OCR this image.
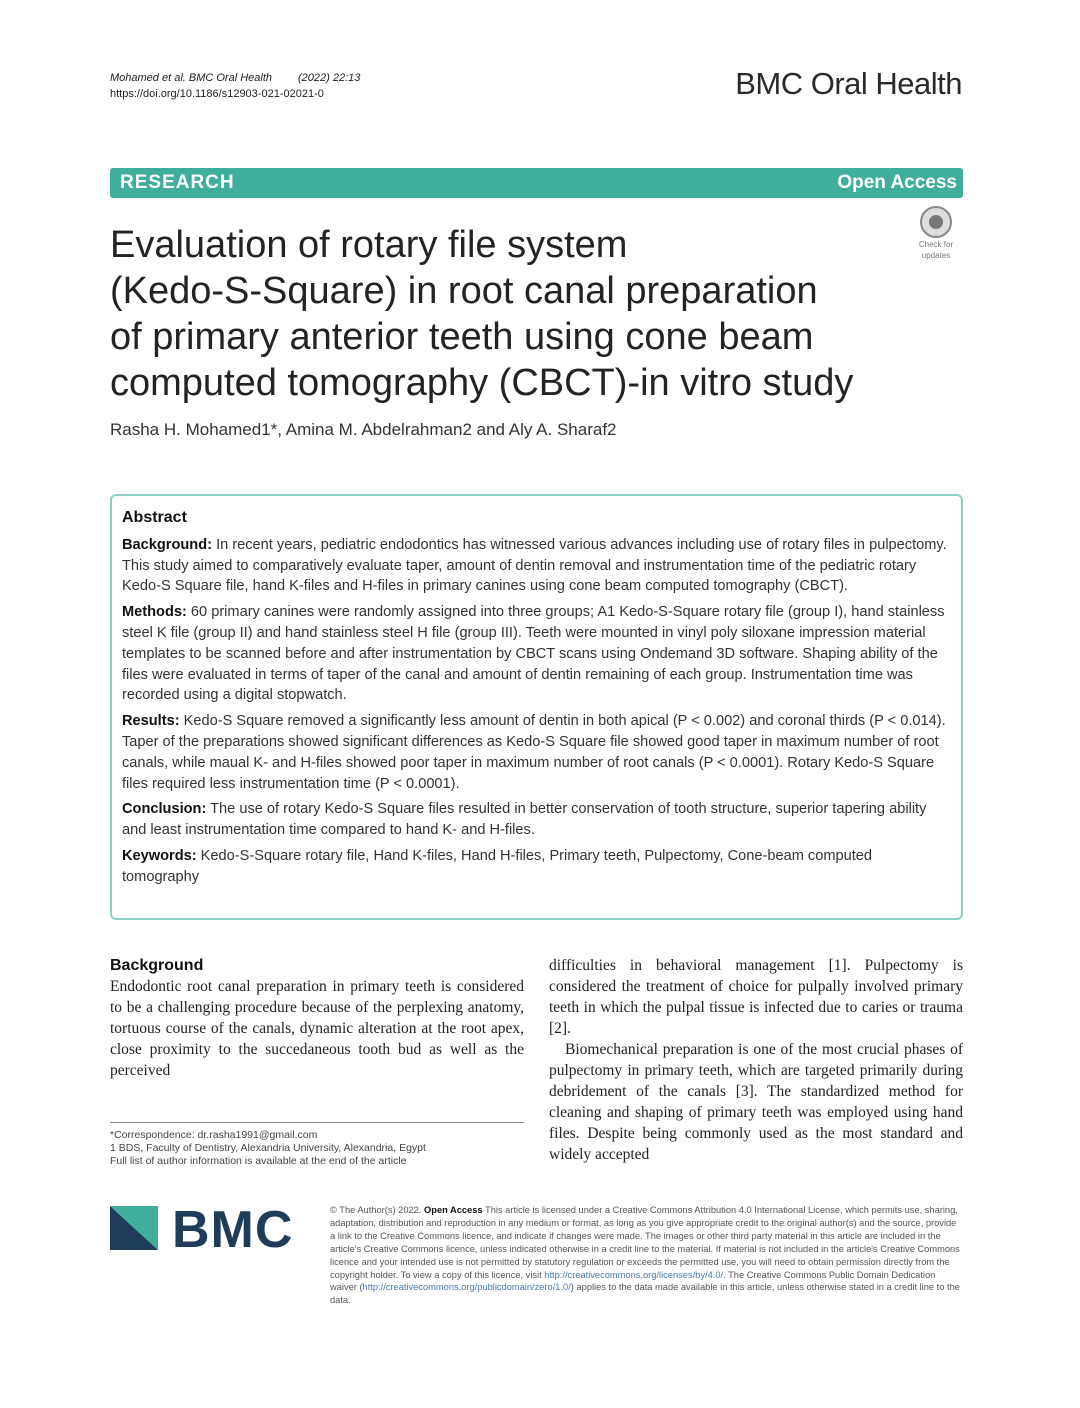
Mohamed et al. BMC Oral Health (2022) 22:13
https://doi.org/10.1186/s12903-021-02021-0	BMC Oral Health
RESEARCH	Open Access
Check for
updates
Evaluation of rotary file system
(Kedo-S-Square) in root canal preparation
of primary anterior teeth using cone beam
computed tomography (CBCT)-in vitro study
Rasha H. Mohamed1*, Amina M. Abdelrahman2 and Aly A. Sharaf2
Abstract

Background: In recent years, pediatric endodontics has witnessed various advances including use of rotary files in pulpectomy. This study aimed to comparatively evaluate taper, amount of dentin removal and instrumentation time of the pediatric rotary Kedo-S Square file, hand K-files and H-files in primary canines using cone beam computed tomography (CBCT).

Methods: 60 primary canines were randomly assigned into three groups; A1 Kedo-S-Square rotary file (group I), hand stainless steel K file (group II) and hand stainless steel H file (group III). Teeth were mounted in vinyl poly siloxane impression material templates to be scanned before and after instrumentation by CBCT scans using Ondemand 3D software. Shaping ability of the files were evaluated in terms of taper of the canal and amount of dentin remaining of each group. Instrumentation time was recorded using a digital stopwatch.

Results: Kedo-S Square removed a significantly less amount of dentin in both apical (P < 0.002) and coronal thirds (P < 0.014). Taper of the preparations showed significant differences as Kedo-S Square file showed good taper in maximum number of root canals, while maual K- and H-files showed poor taper in maximum number of root canals (P < 0.0001). Rotary Kedo-S Square files required less instrumentation time (P < 0.0001).

Conclusion: The use of rotary Kedo-S Square files resulted in better conservation of tooth structure, superior tapering ability and least instrumentation time compared to hand K- and H-files.

Keywords: Kedo-S-Square rotary file, Hand K-files, Hand H-files, Primary teeth, Pulpectomy, Cone-beam computed tomography

Background

Endodontic root canal preparation in primary teeth is considered to be a challenging procedure because of the perplexing anatomy, tortuous course of the canals, dynamic alteration at the root apex, close proximity to the succedaneous tooth bud as well as the perceived

difficulties in behavioral management [1]. Pulpectomy is considered the treatment of choice for pulpally involved primary teeth in which the pulpal tissue is infected due to caries or trauma [2].

Biomechanical preparation is one of the most crucial phases of pulpectomy in primary teeth, which are targeted primarily during debridement of the canals [3]. The standardized method for cleaning and shaping of primary teeth was employed using hand files. Despite being commonly used as the most standard and widely accepted

*Correspondence: dr.rasha1991@gmail.com
1 BDS, Faculty of Dentistry, Alexandria University, Alexandria, Egypt
Full list of author information is available at the end of the article
BMC	© The Author(s) 2022. Open Access This article is licensed under a Creative Commons Attribution 4.0 International License, which permits use, sharing, adaptation, distribution and reproduction in any medium or format, as long as you give appropriate credit to the original author(s) and the source, provide a link to the Creative Commons licence, and indicate if changes were made. The images or other third party material in this article are included in the article's Creative Commons licence, unless indicated otherwise in a credit line to the material. If material is not included in the article's Creative Commons licence and your intended use is not permitted by statutory regulation or exceeds the permitted use, you will need to obtain permission directly from the copyright holder. To view a copy of this licence, visit http://creativecommons.org/licenses/by/4.0/. The Creative Commons Public Domain Dedication waiver (http://creativecommons.org/publicdomain/zero/1.0/) applies to the data made available in this article, unless otherwise stated in a credit line to the data.
